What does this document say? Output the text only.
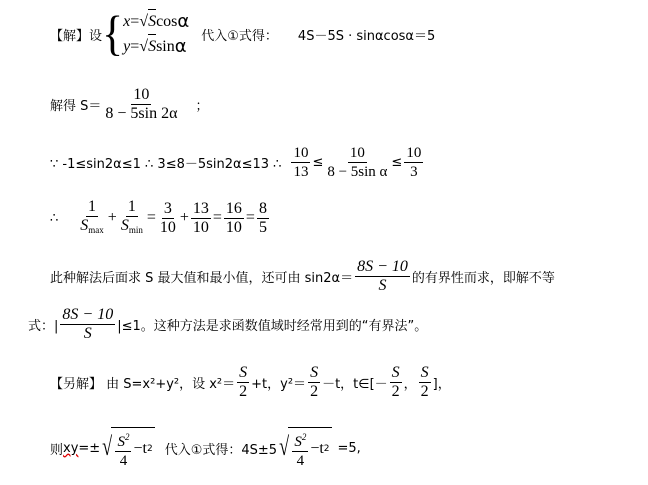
【解】设 { x = √ S cos α
y = √ S sin α 代入①式得： 4S－5S · sinαcosα＝5
解得 $S= \frac{10}{8 - 5\sin 2\alpha}$ ；
∵ -1≤sin2α≤1 ∴ 3≤8－5sin2α≤13 ∴ $\frac{10}{13} \le \frac{10}{\text{8 − 5sin α}} \le \frac{10}{3}$
∴ $\frac{1}{S_{max}} + \frac{1}{S_{min}} = \frac{3}{10} + \frac{13}{10} = \frac{16}{10} = \frac{8}{5}$
此种解法后面求 S 最大值和最小值，还可由 $\sin 2\alpha= \frac{8S - 10}{S}$ 的有界性而求，即解不等
式：| $\frac{8S - 10}{S} |\le 1$。这种方法是求函数值域时经常用到的“有界法”。
【另解】 由 S=x²+y²，设 $x^2= \frac{S}{2} +t$，$y^2= \frac{S}{2} -t$，t∈[－ $\frac{S}{2}$ ， $\frac{S}{2}$ ]，
则 xy =± √ $\frac{S^2}{4} -t$ 2 代入①式得：4S±5 √ $\frac{S^2}{4} -t$ 2 =5,
